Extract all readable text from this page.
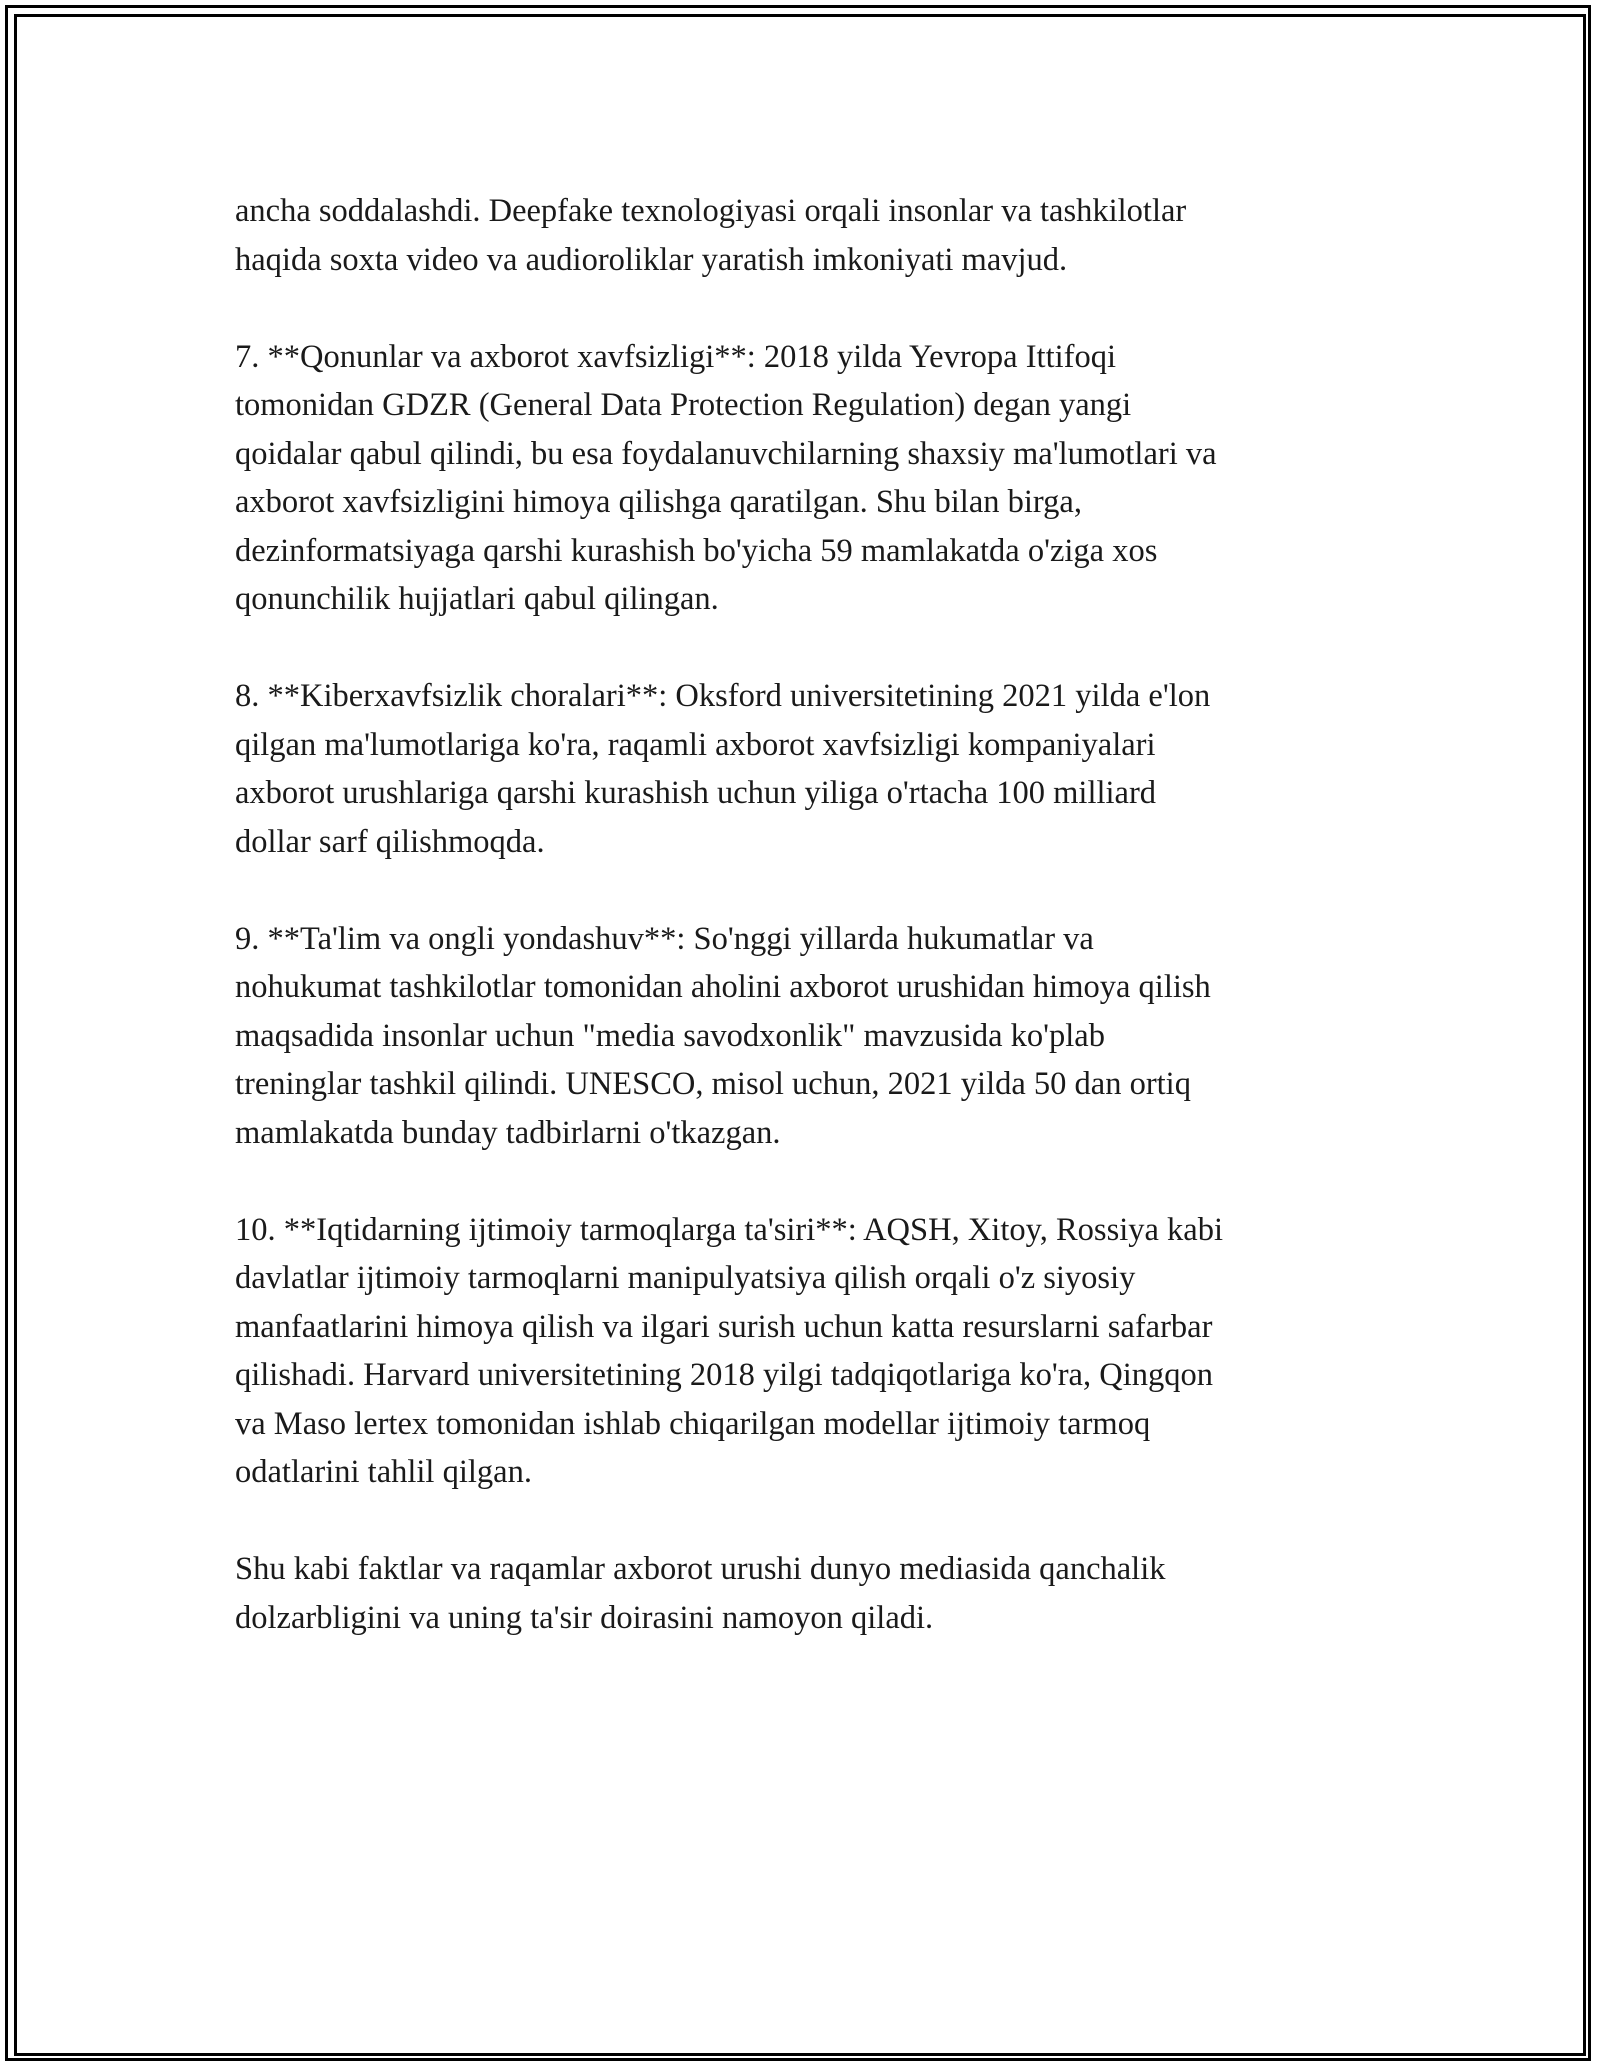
ancha soddalashdi. Deepfake texnologiyasi orqali insonlar va tashkilotlar
haqida soxta video va audioroliklar yaratish imkoniyati mavjud.

7. **Qonunlar va axborot xavfsizligi**: 2018 yilda Yevropa Ittifoqi
tomonidan GDZR (General Data Protection Regulation) degan yangi
qoidalar qabul qilindi, bu esa foydalanuvchilarning shaxsiy ma'lumotlari va
axborot xavfsizligini himoya qilishga qaratilgan. Shu bilan birga,
dezinformatsiyaga qarshi kurashish bo'yicha 59 mamlakatda o'ziga xos
qonunchilik hujjatlari qabul qilingan.

8. **Kiberxavfsizlik choralari**: Oksford universitetining 2021 yilda e'lon
qilgan ma'lumotlariga ko'ra, raqamli axborot xavfsizligi kompaniyalari
axborot urushlariga qarshi kurashish uchun yiliga o'rtacha 100 milliard
dollar sarf qilishmoqda.

9. **Ta'lim va ongli yondashuv**: So'nggi yillarda hukumatlar va
nohukumat tashkilotlar tomonidan aholini axborot urushidan himoya qilish
maqsadida insonlar uchun "media savodxonlik" mavzusida ko'plab
treninglar tashkil qilindi. UNESCO, misol uchun, 2021 yilda 50 dan ortiq
mamlakatda bunday tadbirlarni o'tkazgan.

10. **Iqtidarning ijtimoiy tarmoqlarga ta'siri**: AQSH, Xitoy, Rossiya kabi
davlatlar ijtimoiy tarmoqlarni manipulyatsiya qilish orqali o'z siyosiy
manfaatlarini himoya qilish va ilgari surish uchun katta resurslarni safarbar
qilishadi. Harvard universitetining 2018 yilgi tadqiqotlariga ko'ra, Qingqon
va Maso lertex tomonidan ishlab chiqarilgan modellar ijtimoiy tarmoq
odatlarini tahlil qilgan.

Shu kabi faktlar va raqamlar axborot urushi dunyo mediasida qanchalik
dolzarbligini va uning ta'sir doirasini namoyon qiladi.
